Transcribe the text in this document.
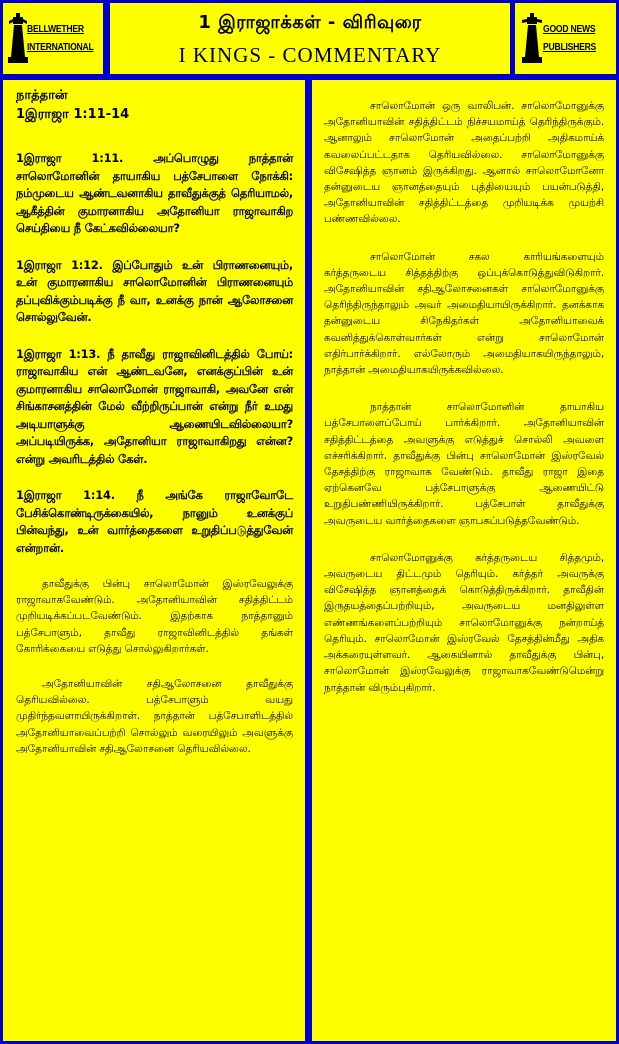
BELLWETHER
INTERNATIONAL
1 இராஜாக்கள் - விரிவுரை
I KINGS - COMMENTARY
GOOD NEWS
PUBLISHERS
நாத்தான்
1இராஜா 1:11-14

1இராஜா 1:11. அப்பொழுது நாத்தான் சாலொமோனின் தாயாகிய பத்சேபாளை நோக்கி: நம்முடைய ஆண்டவனாகிய தாவீதுக்குத் தெரியாமல், ஆகீத்தின் குமாரனாகிய அதோனியா ராஜாவாகிற செய்தியை நீ கேட்கவில்லையா?

1இராஜா 1:12. இப்போதும் உன் பிராணனையும், உன் குமாரனாகிய சாலொமோனின் பிராணனையும் தப்புவிக்கும்படிக்கு நீ வா, உனக்கு நான் ஆலோசனை சொல்லுவேன்.

1இராஜா 1:13. நீ தாவீது ராஜாவினிடத்தில் போய்: ராஜாவாகிய என் ஆண்டவனே, எனக்குப்பின் உன் குமாரனாகிய சாலொமோன் ராஜாவாகி, அவனே என் சிங்காசனத்தின் மேல் வீற்றிருப்பான் என்று நீர் உமது அடியாளுக்கு ஆணையிடவில்லையா? அப்படியிருக்க, அதோனியா ராஜாவாகிறது என்ன? என்று அவரிடத்தில் கேள்.

1இராஜா 1:14. நீ அங்கே ராஜாவோடே பேசிக்கொண்டிருக்கையில், நானும் உனக்குப் பின்வந்து, உன் வார்த்தைகளை உறுதிப்படுத்துவேன் என்றான்.

தாவீதுக்கு பின்பு சாலொமோன் இஸ்ரவேலுக்கு ராஜாவாகவேண்டும். அதோனியாவின் சதித்திட்டம் முறியடிக்கப்படவேண்டும். இதற்காக நாத்தானும் பத்சேபாளும், தாவீது ராஜாவினிடத்தில் தங்கள் கோரிக்கையை எடுத்து சொல்லுகிறார்கள்.

அதோனியாவின் சதிஆலோசனை தாவீதுக்கு தெரியவில்லை. பத்சேபாளும் வயது முதிர்ந்தவளாயிருக்கிறாள். நாத்தான் பத்சேபாளிடத்தில் அதோனியாவைப்பற்றி சொல்லும் வரையிலும் அவளுக்கு அதோனியாவின் சதிஆலோசனை தெரியவில்லை.

சாலொமோன் ஒரு வாலிபன். சாலொமோனுக்கு அதோனியாவின் சதித்திட்டம் நிச்சயமாய்த் தெரிந்திருக்கும். ஆனாலும் சாலொமோன் அதைப்பற்றி அதிகமாய்க் கவலைப்பட்டதாக தெரியவில்லை. சாலொமோனுக்கு விசேஷித்த ஞானம் இருக்கிறது. ஆனால் சாலொமோனோ தன்னுடைய ஞானத்தையும் புத்தியையும் பயன்படுத்தி, அதோனியாவின் சதித்திட்டத்தை முறியடிக்க முயற்சி பண்ணவில்லை.

சாலொமோன் சகல காரியங்களையும் கர்த்தருடைய சித்தத்திற்கு ஒப்புக்கொடுத்துவிடுகிறார். அதோனியாவின் சதிஆலோசனைகள் சாலொமோனுக்கு தெரிந்திருந்தாலும் அவர் அமைதியாயிருக்கிறார். தனக்காக தன்னுடைய சிநேகிதர்கள் அதோனியாவைக் கவனித்துக்கொள்வார்கள் என்று சாலொமோன் எதிர்பார்க்கிறார். எல்லோரும் அமைதியாகயிருந்தாலும், நாத்தான் அமைதியாகயிருக்கவில்லை.

நாத்தான் சாலொமோனின் தாயாகிய பத்சேபாளைப்போய் பார்க்கிறார். அதோனியாவின் சதித்திட்டத்தை அவளுக்கு எடுத்துச் சொல்லி அவளை எச்சரிக்கிறார். தாவீதுக்கு பின்பு சாலொமோன் இஸ்ரவேல் தேசத்திற்கு ராஜாவாக வேண்டும். தாவீது ராஜா இதை ஏற்கெனவே பத்சேபாளுக்கு ஆணையிட்டு உறுதிபண்ணியிருக்கிறார். பத்சேபாள் தாவீதுக்கு அவருடைய வார்த்தைகளை ஞாபகப்படுத்தவேண்டும்.

சாலொமோனுக்கு கர்த்தருடைய சித்தமும், அவருடைய திட்டமும் தெரியும். கர்த்தர் அவருக்கு விசேஷித்த ஞானத்தைக் கொடுத்திருக்கிறார். தாவீதின் இருதயத்தைப்பற்றியும், அவருடைய மனதிலுள்ள எண்ணங்களைப்பற்றியும் சாலொமோனுக்கு நன்றாய்த் தெரியும். சாலொமோன் இஸ்ரவேல் தேசத்தின்மீது அதிக அக்கரையுள்ளவர். ஆகையினால் தாவீதுக்கு பின்பு, சாலொமோன் இஸ்ரவேலுக்கு ராஜாவாகவேண்டுமென்று நாத்தான் விரும்புகிறார்.
